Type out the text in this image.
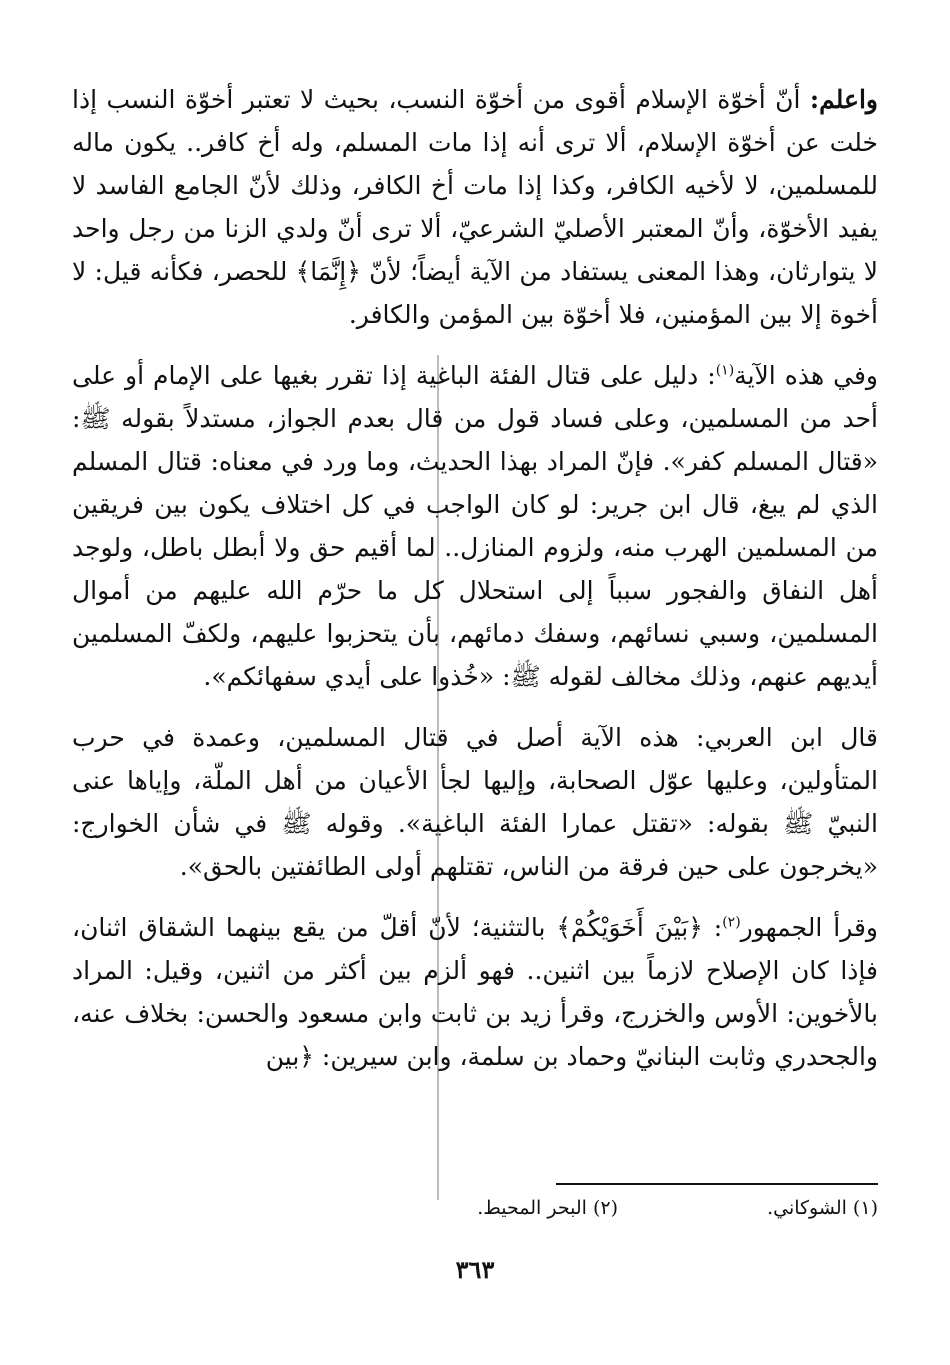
واعلم: أنّ أخوّة الإسلام أقوى من أخوّة النسب، بحيث لا تعتبر أخوّة النسب إذا خلت عن أخوّة الإسلام، ألا ترى أنه إذا مات المسلم، وله أخ كافر.. يكون ماله للمسلمين، لا لأخيه الكافر، وكذا إذا مات أخ الكافر، وذلك لأنّ الجامع الفاسد لا يفيد الأخوّة، وأنّ المعتبر الأصليّ الشرعيّ، ألا ترى أنّ ولدي الزنا من رجل واحد لا يتوارثان، وهذا المعنى يستفاد من الآية أيضاً؛ لأنّ ﴿إِنَّمَا﴾ للحصر، فكأنه قيل: لا أخوة إلا بين المؤمنين، فلا أخوّة بين المؤمن والكافر.

وفي هذه الآية$^{(١)}$: دليل على قتال الفئة الباغية إذا تقرر بغيها على الإمام أو على أحد من المسلمين، وعلى فساد قول من قال بعدم الجواز، مستدلاً بقوله ﷺ: «قتال المسلم كفر». فإنّ المراد بهذا الحديث، وما ورد في معناه: قتال المسلم الذي لم يبغ، قال ابن جرير: لو كان الواجب في كل اختلاف يكون بين فريقين من المسلمين الهرب منه، ولزوم المنازل.. لما أقيم حق ولا أبطل باطل، ولوجد أهل النفاق والفجور سبباً إلى استحلال كل ما حرّم الله عليهم من أموال المسلمين، وسبي نسائهم، وسفك دمائهم، بأن يتحزبوا عليهم، ولكفّ المسلمين أيديهم عنهم، وذلك مخالف لقوله ﷺ: «خُذوا على أيدي سفهائكم».

قال ابن العربي: هذه الآية أصل في قتال المسلمين، وعمدة في حرب المتأولين، وعليها عوّل الصحابة، وإليها لجأ الأعيان من أهل الملّة، وإياها عنى النبيّ ﷺ بقوله: «تقتل عمارا الفئة الباغية». وقوله ﷺ في شأن الخوارج: «يخرجون على حين فرقة من الناس، تقتلهم أولى الطائفتين بالحق».

وقرأ الجمهور$^{(٢)}$: ﴿بَيْنَ أَخَوَيْكُمْ﴾ بالتثنية؛ لأنّ أقلّ من يقع بينهما الشقاق اثنان، فإذا كان الإصلاح لازماً بين اثنين.. فهو ألزم بين أكثر من اثنين، وقيل: المراد بالأخوين: الأوس والخزرج، وقرأ زيد بن ثابت وابن مسعود والحسن: بخلاف عنه، والجحدري وثابت البنانيّ وحماد بن سلمة، وابن سيرين: ﴿بين

(١) الشوكاني.
(٢) البحر المحيط.
٣٦٣
